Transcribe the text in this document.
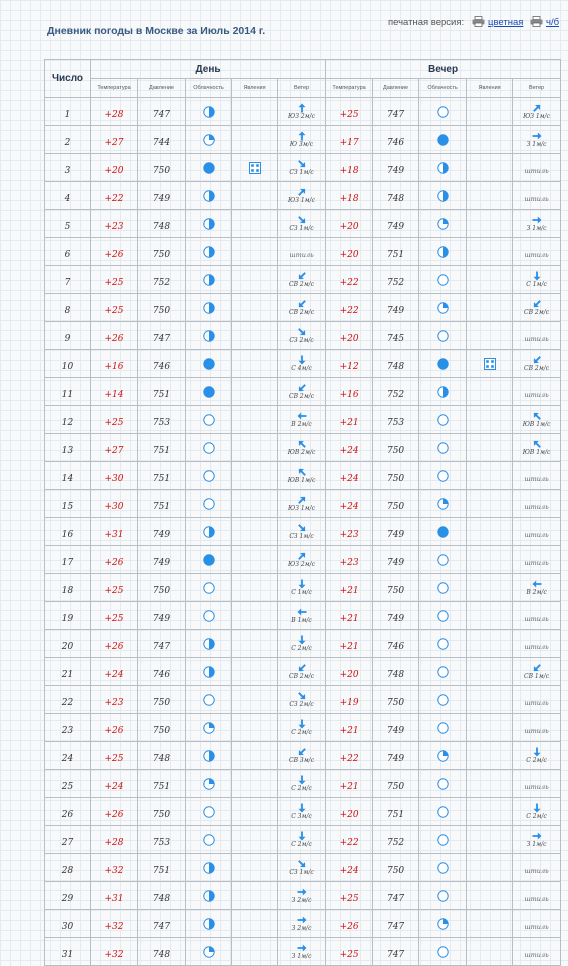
Дневник погоды в Москве за Июль 2014 г.
печатная версия:	цветная ч/б
Число	День					Вечер				
	Температура	Давление	Облачность	Явления	Ветер	Температура	Давление	Облачность	Явления	Ветер
1	+28	747			ЮЗ 2м/с	+25	747			ЮЗ 1м/с

2	+27	744			Ю 3м/с	+17	746			З 1м/с

3	+20	750			СЗ 1м/с	+18	749			штиль
4	+22	749			ЮЗ 1м/с	+18	748			штиль
5	+23	748			СЗ 1м/с	+20	749			З 1м/с

6	+26	750			штиль	+20	751			штиль
7	+25	752			СВ 2м/с	+22	752			С 1м/с

8	+25	750			СВ 2м/с	+22	749			СВ 2м/с

9	+26	747			СЗ 2м/с	+20	745			штиль
10	+16	746			С 4м/с	+12	748			СВ 2м/с

11	+14	751			СВ 2м/с	+16	752			штиль
12	+25	753			В 2м/с	+21	753			ЮВ 1м/с

13	+27	751			ЮВ 2м/с	+24	750			ЮВ 1м/с

14	+30	751			ЮВ 1м/с	+24	750			штиль
15	+30	751			ЮЗ 1м/с	+24	750			штиль
16	+31	749			СЗ 1м/с	+23	749			штиль
17	+26	749			ЮЗ 2м/с	+23	749			штиль
18	+25	750			С 1м/с	+21	750			В 2м/с

19	+25	749			В 1м/с	+21	749			штиль
20	+26	747			С 2м/с	+21	746			штиль
21	+24	746			СВ 2м/с	+20	748			СВ 1м/с

22	+23	750			СЗ 2м/с	+19	750			штиль
23	+26	750			С 2м/с	+21	749			штиль
24	+25	748			СВ 3м/с	+22	749			С 2м/с

25	+24	751			С 2м/с	+21	750			штиль
26	+26	750			С 3м/с	+20	751			С 2м/с

27	+28	753			С 2м/с	+22	752			З 1м/с

28	+32	751			СЗ 1м/с	+24	750			штиль
29	+31	748			З 2м/с	+25	747			штиль
30	+32	747			З 2м/с	+26	747			штиль
31	+32	748			З 1м/с	+25	747			штиль
